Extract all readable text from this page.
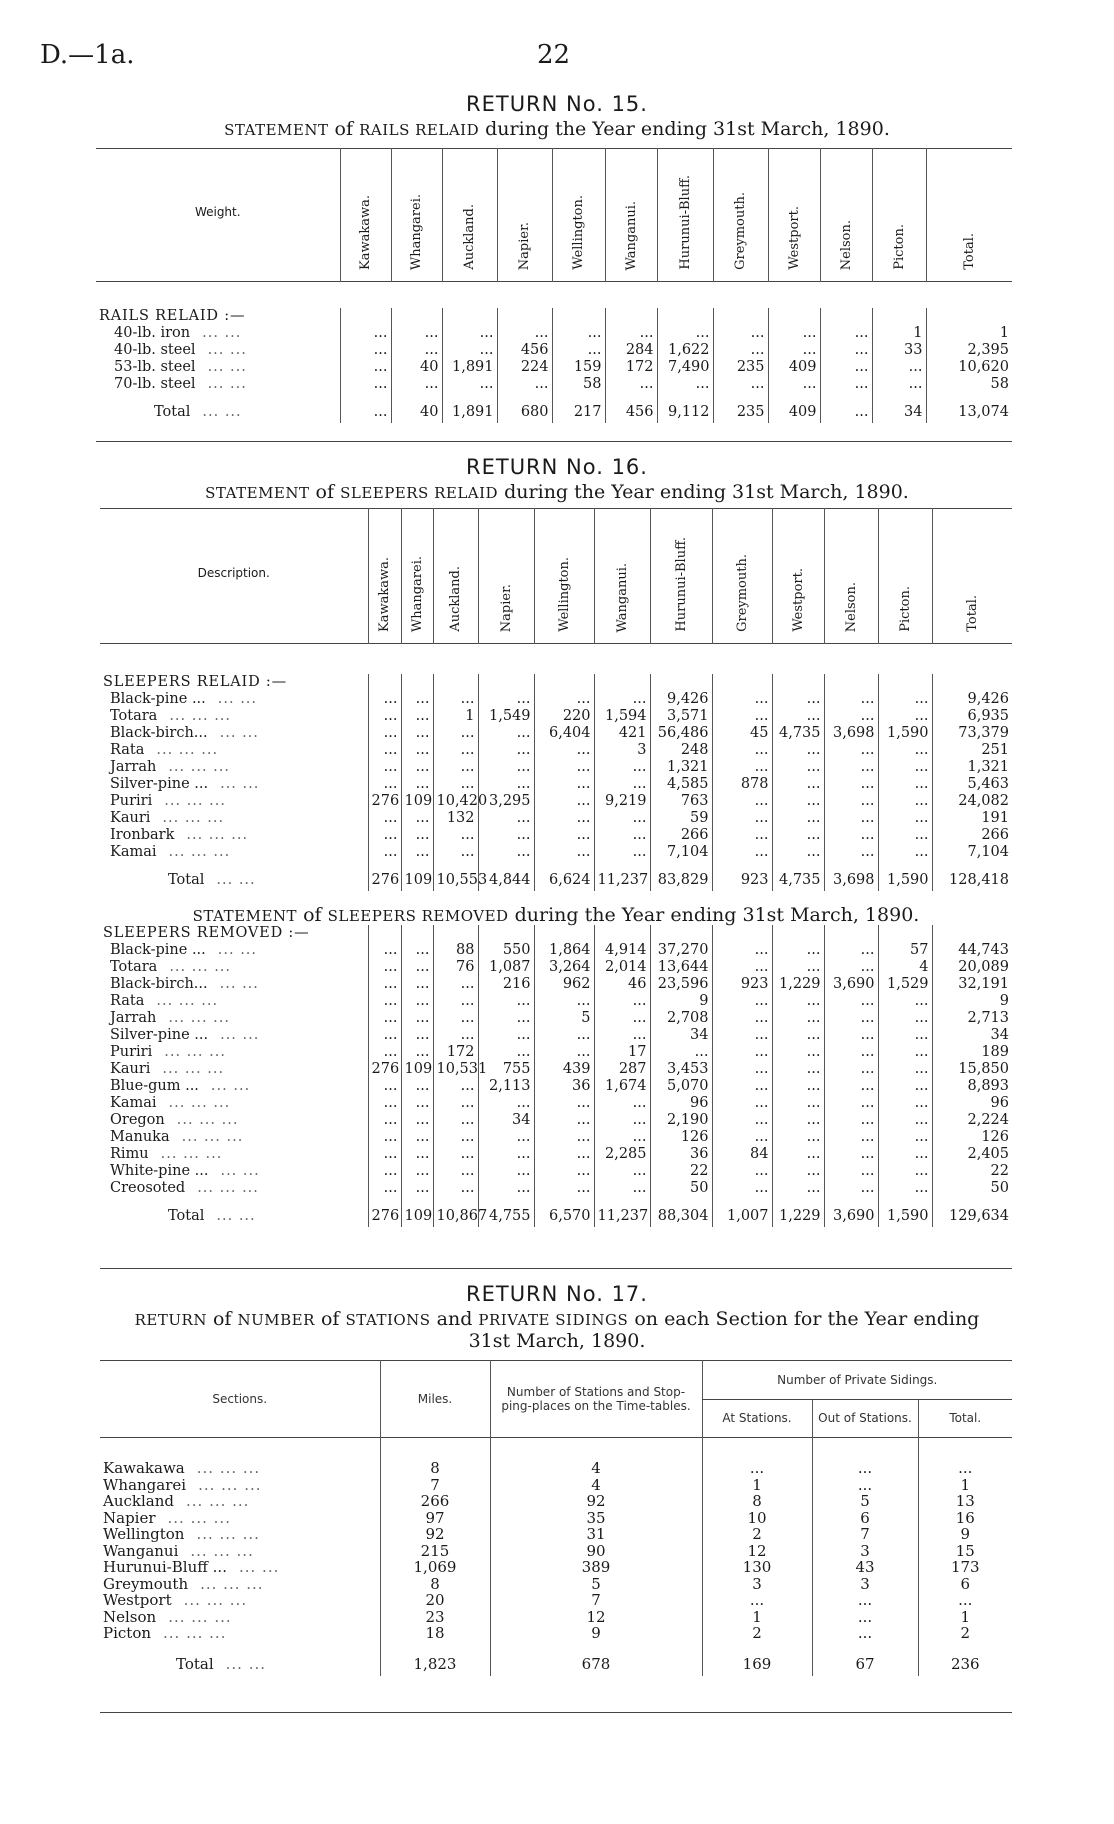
D.—1a.	22
RETURN No. 15.
STATEMENT of RAILS RELAID during the Year ending 31st March, 1890.
Weight.	Kawakawa.	Whangarei.	Auckland.	Napier.	Wellington.	Wanganui.	Hurunui-Bluff.	Greymouth.	Westport.	Nelson.	Picton.	Total.

RAILS RELAID :—												
40-lb. iron ... ...	...	...	...	...	...	...	...	...	...	...	1	1
40-lb. steel ... ...	...	...	...	456	...	284	1,622	...	...	...	33	2,395
53-lb. steel ... ...	...	40	1,891	224	159	172	7,490	235	409	...	...	10,620
70-lb. steel ... ...	...	...	...	...	58	...	...	...	...	...	...	58

Total ... ...	...	40	1,891	680	217	456	9,112	235	409	...	34	13,074
RETURN No. 16.
STATEMENT of SLEEPERS RELAID during the Year ending 31st March, 1890.
Description.	Kawakawa.	Whangarei.	Auckland.	Napier.	Wellington.	Wanganui.	Hurunui-Bluff.	Greymouth.	Westport.	Nelson.	Picton.	Total.

SLEEPERS RELAID :—												
Black-pine ... ... ...	...	...	...	...	...	...	9,426	...	...	...	...	9,426
Totara ... ... ...	...	...	1	1,549	220	1,594	3,571	...	...	...	...	6,935
Black-birch... ... ...	...	...	...	...	6,404	421	56,486	45	4,735	3,698	1,590	73,379
Rata ... ... ...	...	...	...	...	...	3	248	...	...	...	...	251
Jarrah ... ... ...	...	...	...	...	...	...	1,321	...	...	...	...	1,321
Silver-pine ... ... ...	...	...	...	...	...	...	4,585	878	...	...	...	5,463
Puriri ... ... ...	276	109	10,420	3,295	...	9,219	763	...	...	...	...	24,082
Kauri ... ... ...	...	...	132	...	...	...	59	...	...	...	...	191
Ironbark ... ... ...	...	...	...	...	...	...	266	...	...	...	...	266
Kamai ... ... ...	...	...	...	...	...	...	7,104	...	...	...	...	7,104

Total ... ...	276	109	10,553	4,844	6,624	11,237	83,829	923	4,735	3,698	1,590	128,418
STATEMENT of SLEEPERS REMOVED during the Year ending 31st March, 1890.												
SLEEPERS REMOVED :—												
Black-pine ... ... ...	...	...	88	550	1,864	4,914	37,270	...	...	...	57	44,743
Totara ... ... ...	...	...	76	1,087	3,264	2,014	13,644	...	...	...	4	20,089
Black-birch... ... ...	...	...	...	216	962	46	23,596	923	1,229	3,690	1,529	32,191
Rata ... ... ...	...	...	...	...	...	...	9	...	...	...	...	9
Jarrah ... ... ...	...	...	...	...	5	...	2,708	...	...	...	...	2,713
Silver-pine ... ... ...	...	...	...	...	...	...	34	...	...	...	...	34
Puriri ... ... ...	...	...	172	...	...	17	...	...	...	...	...	189
Kauri ... ... ...	276	109	10,531	755	439	287	3,453	...	...	...	...	15,850
Blue-gum ... ... ...	...	...	...	2,113	36	1,674	5,070	...	...	...	...	8,893
Kamai ... ... ...	...	...	...	...	...	...	96	...	...	...	...	96
Oregon ... ... ...	...	...	...	34	...	...	2,190	...	...	...	...	2,224
Manuka ... ... ...	...	...	...	...	...	...	126	...	...	...	...	126
Rimu ... ... ...	...	...	...	...	...	2,285	36	84	...	...	...	2,405
White-pine ... ... ...	...	...	...	...	...	...	22	...	...	...	...	22
Creosoted ... ... ...	...	...	...	...	...	...	50	...	...	...	...	50

Total ... ...	276	109	10,867	4,755	6,570	11,237	88,304	1,007	1,229	3,690	1,590	129,634
RETURN No. 17.
RETURN of NUMBER of STATIONS and PRIVATE SIDINGS on each Section for the Year ending
31st March, 1890.
Sections.	Miles.	Number of Stations and Stop-ping-places on the Time-tables.	Number of Private Sidings.		
			At Stations.	Out of Stations.	Total.

Kawakawa ... ... ...	8	4	...	...	...
Whangarei ... ... ...	7	4	1	...	1
Auckland ... ... ...	266	92	8	5	13
Napier ... ... ...	97	35	10	6	16
Wellington ... ... ...	92	31	2	7	9
Wanganui ... ... ...	215	90	12	3	15
Hurunui-Bluff ... ... ...	1,069	389	130	43	173
Greymouth ... ... ...	8	5	3	3	6
Westport ... ... ...	20	7	...	...	...
Nelson ... ... ...	23	12	1	...	1
Picton ... ... ...	18	9	2	...	2

Total ... ...	1,823	678	169	67	236
